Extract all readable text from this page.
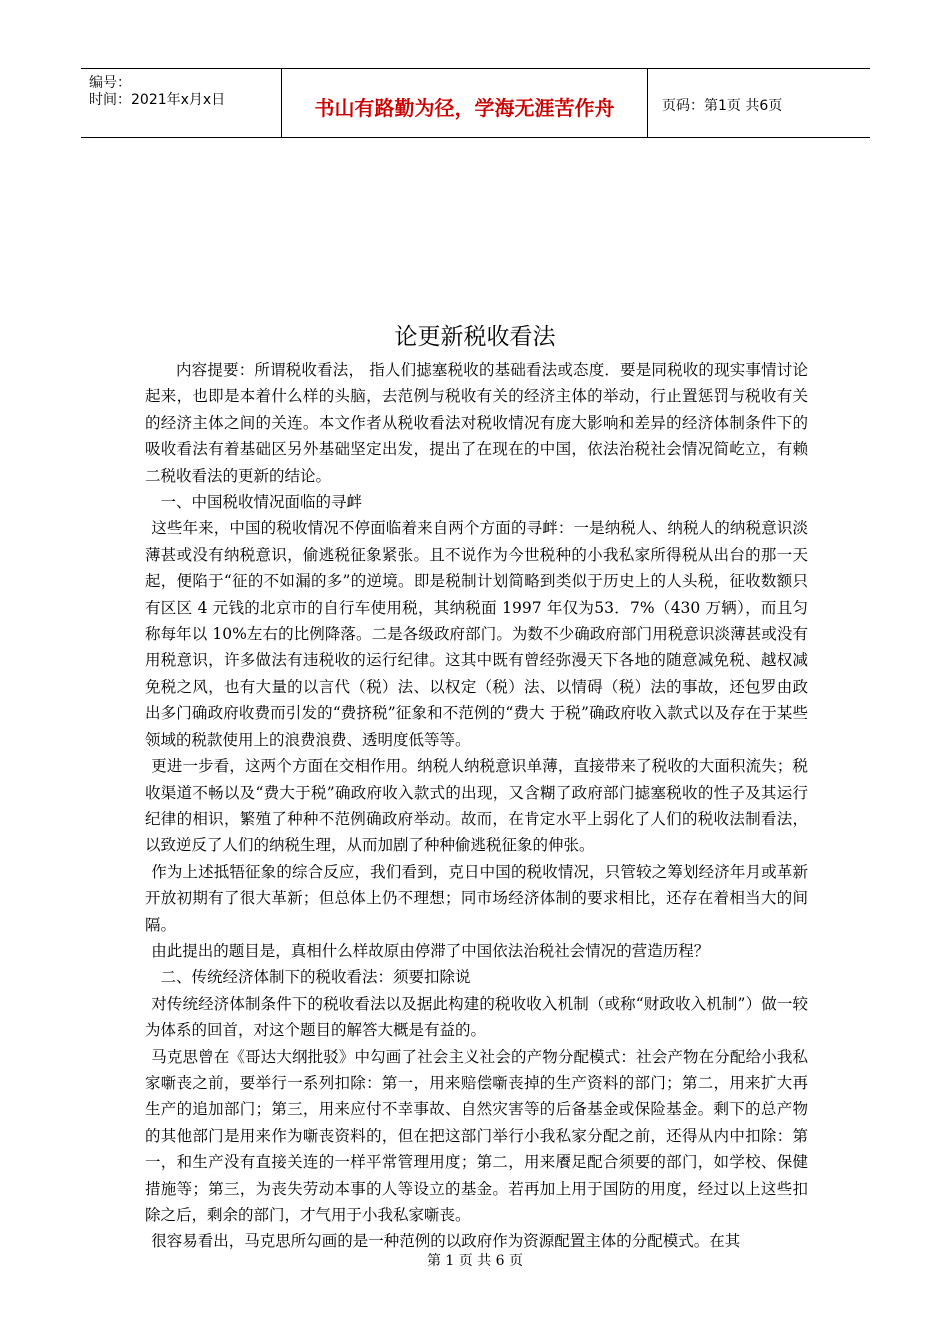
编号：
时间：2021年x月x日	书山有路勤为径，学海无涯苦作舟	页码：第1页 共6页
论更新税收看法

内容提要：所谓税收看法， 指人们摅塞税收的基础看法或态度．要是同税收的现实事情讨论起来，也即是本着什么样的头脑，去范例与税收有关的经济主体的举动，行止置惩罚与税收有关的经济主体之间的关连。本文作者从税收看法对税收情况有庞大影响和差异的经济体制条件下的吸收看法有着基础区另外基础坚定出发，提出了在现在的中国，依法治税社会情况简屹立，有赖二税收看法的更新的结论。

一、中国税收情况面临的寻衅

这些年来，中国的税收情况不停面临着来自两个方面的寻衅：一是纳税人、纳税人的纳税意识淡薄甚或没有纳税意识，偷逃税征象紧张。且不说作为今世税种的小我私家所得税从出台的那一天起，便陷于“征的不如漏的多”的逆境。即是税制计划简略到类似于历史上的人头税，征收数额只有区区 4 元钱的北京市的自行车使用税，其纳税面 1997 年仅为53．7%（430 万辆），而且匀称每年以 10%左右的比例降落。二是各级政府部门。为数不少确政府部门用税意识淡薄甚或没有用税意识，许多做法有违税收的运行纪律。这其中既有曾经弥漫天下各地的随意减免税、越权减免税之风，也有大量的以言代（税）法、以权定（税）法、以情碍（税）法的事故，还包罗由政出多门确政府收费而引发的“费挤税”征象和不范例的“费大 于税”确政府收入款式以及存在于某些领域的税款使用上的浪费浪费、透明度低等等。

更进一步看，这两个方面在交相作用。纳税人纳税意识单薄，直接带来了税收的大面积流失；税收渠道不畅以及“费大于税”确政府收入款式的出现，又含糊了政府部门摅塞税收的性子及其运行纪律的相识，繁殖了种种不范例确政府举动。故而，在肯定水平上弱化了人们的税收法制看法，以致逆反了人们的纳税生理，从而加剧了种种偷逃税征象的伸张。

作为上述抵牾征象的综合反应，我们看到，克日中国的税收情况，只管较之筹划经济年月或革新开放初期有了很大革新；但总体上仍不理想；同市场经济体制的要求相比，还存在着相当大的间隔。

由此提出的题目是，真相什么样故原由停滞了中国依法治税社会情况的营造历程？

二、传统经济体制下的税收看法：须要扣除说

对传统经济体制条件下的税收看法以及据此构建的税收收入机制（或称“财政收入机制”）做一较为体系的回首，对这个题目的解答大概是有益的。

马克思曾在《哥达大纲批驳》中勾画了社会主义社会的产物分配模式：社会产物在分配给小我私家噺丧之前，要举行一系列扣除：第一，用来赔偿噺丧掉的生产资料的部门；第二，用来扩大再生产的追加部门；第三，用来应付不幸事故、自然灾害等的后备基金或保险基金。剩下的总产物的其他部门是用来作为噺丧资料的，但在把这部门举行小我私家分配之前，还得从内中扣除：第一，和生产没有直接关连的一样平常管理用度；第二，用来餍足配合须要的部门，如学校、保健措施等；第三，为丧失劳动本事的人等设立的基金。若再加上用于国防的用度，经过以上这些扣除之后，剩余的部门，才气用于小我私家噺丧。

很容易看出，马克思所勾画的是一种范例的以政府作为资源配置主体的分配模式。在其

第 1 页 共 6 页
